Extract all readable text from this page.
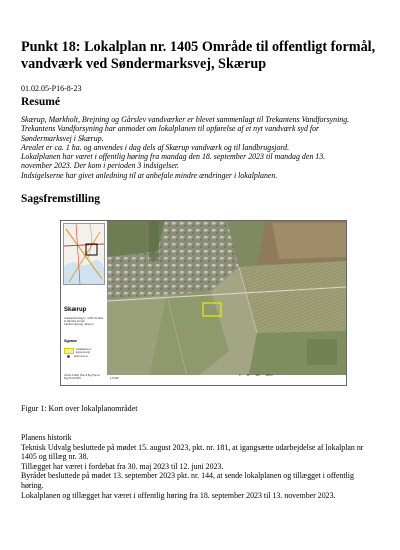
Punkt 18: Lokalplan nr. 1405 Område til offentligt formål, vandværk ved Søndermarksvej, Skærup
01.02.05-P16-8-23
Resumé

Skærup, Mørkholt, Brejning og Gårslev vandværker er blevet sammenlagt til Trekantens Vandforsyning.

Trekantens Vandforsyning har anmodet om lokalplanen til opførelse af et nyt vandværk syd for Søndermarksvej i Skærup.

Arealet er ca. 1 ha. og anvendes i dag dels af Skærup vandværk og til landbrugsjord.

Lokalplanen har været i offentlig høring fra mandag den 18. september 2023 til mandag den 13. november 2023. Der kom i perioden 3 indsigelser.

Indsigelserne har givet anledning til at anbefale mindre ændringer i lokalplanen.

Sagsfremstilling
Skærup
Lokalplanforslag nr. 1405 Område til offentligt formål Søndermarksvej, Skærup
Signatur
Lokalplanens afgrænsning
Husnummer
Teknik & Miljø, Plan & Byg Plan & Byg 06.03.2023	1:5.000
0 50 100 200 m
Figur 1: Kort over lokalplanområdet

Planens historik

Teknisk Udvalg besluttede på mødet 15. august 2023, pkt. nr. 181, at igangsætte udarbejdelse af lokalplan nr 1405 og tillæg nr. 38.

Tillægget har været i fordebat fra 30. maj 2023 til 12. juni 2023.

Byrådet besluttede på mødet 13. september 2023 pkt. nr. 144, at sende lokalplanen og tillægget i offentlig høring.

Lokalplanen og tillægget har været i offentlig høring fra 18. september 2023 til 13. november 2023.
